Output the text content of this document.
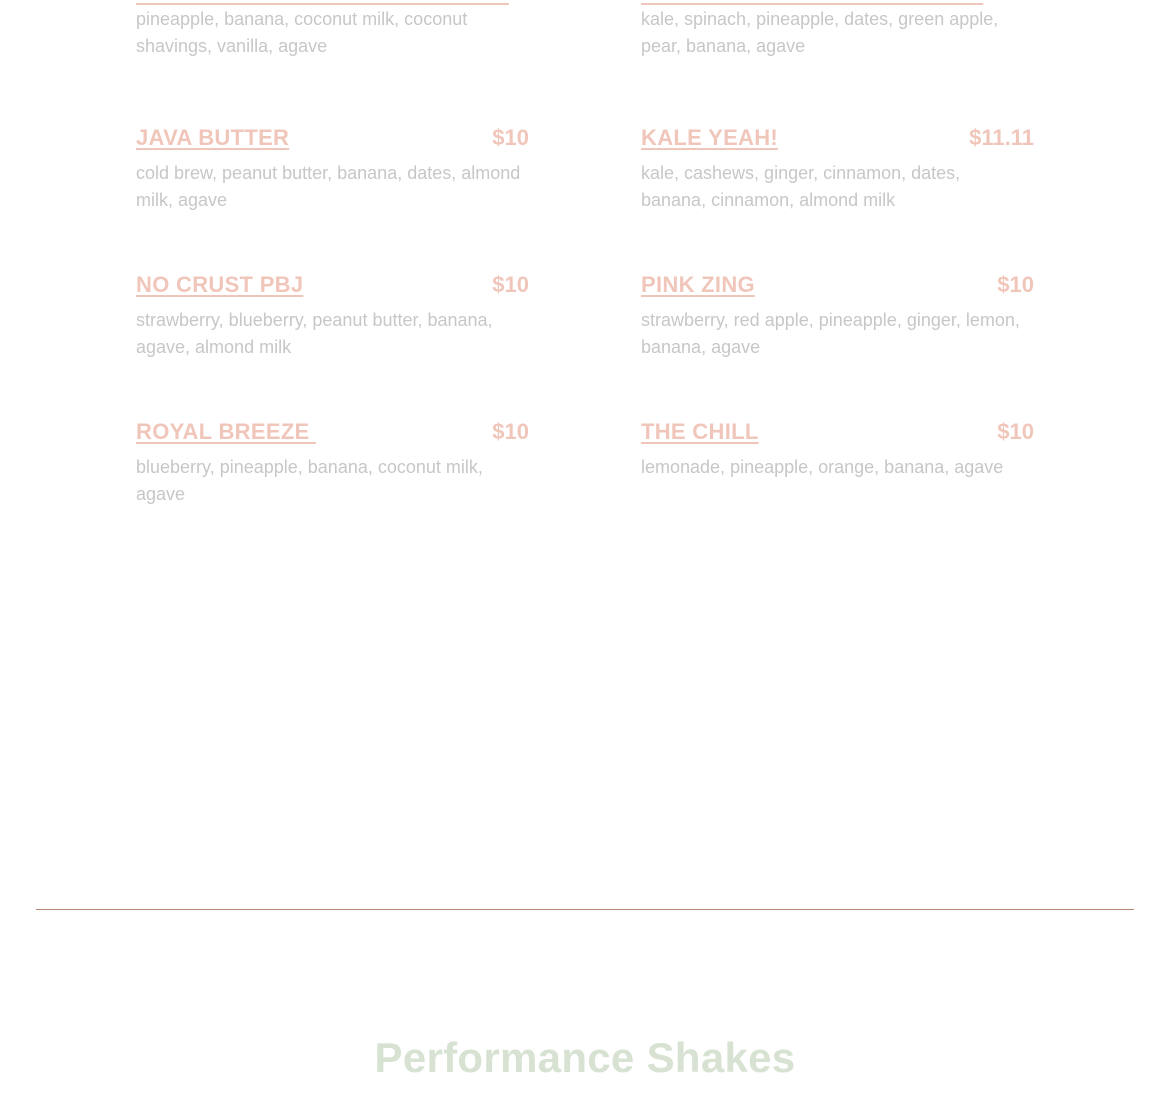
pineapple, banana, coconut milk, coconut shavings, vanilla, agave
kale, spinach, pineapple, dates, green apple, pear, banana, agave
JAVA BUTTER	$10
cold brew, peanut butter, banana, dates, almond milk, agave
KALE YEAH!	$11.11
kale, cashews, ginger, cinnamon, dates, banana, cinnamon, almond milk
NO CRUST PBJ	$10
strawberry, blueberry, peanut butter, banana, agave, almond milk
PINK ZING	$10
strawberry, red apple, pineapple, ginger, lemon, banana, agave
ROYAL BREEZE	$10
blueberry, pineapple, banana, coconut milk, agave
THE CHILL	$10
lemonade, pineapple, orange, banana, agave
Performance Shakes
